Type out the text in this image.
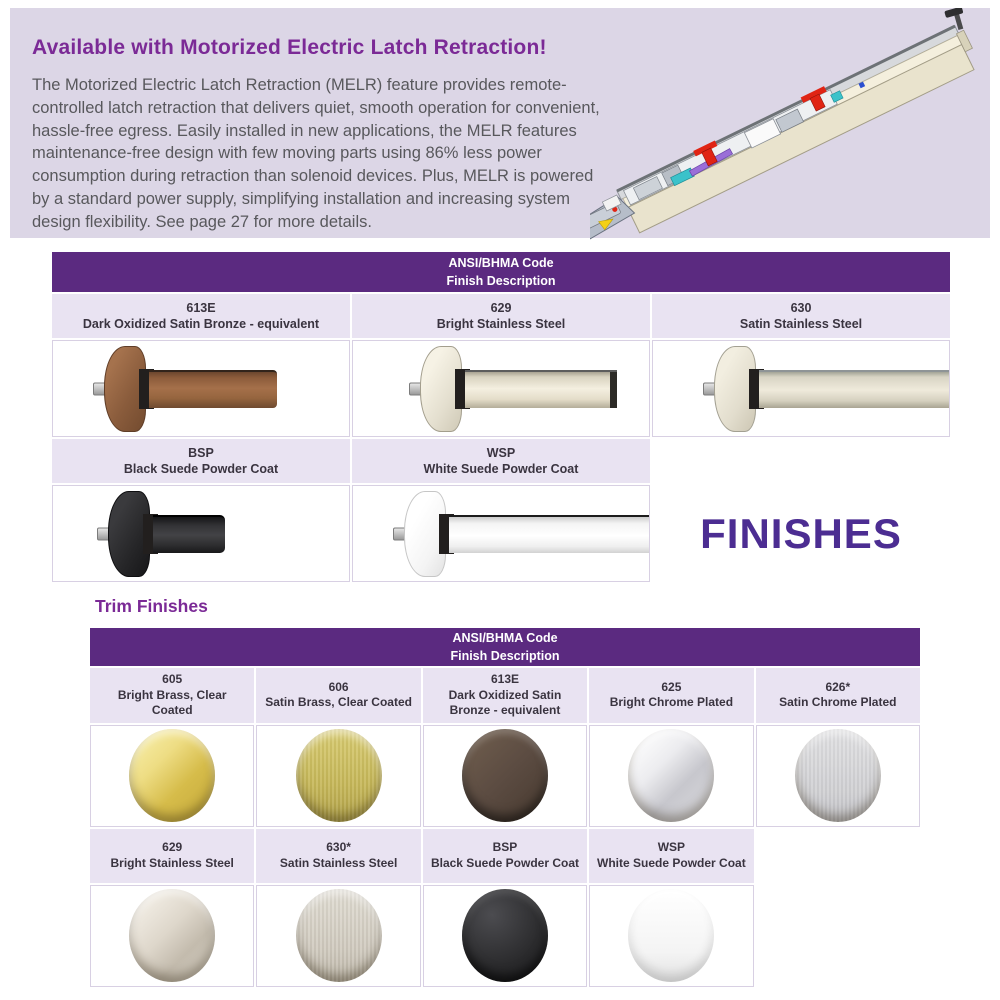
Available with Motorized Electric Latch Retraction!

The Motorized Electric Latch Retraction (MELR) feature provides remote-controlled latch retraction that delivers quiet, smooth operation for convenient, hassle-free egress. Easily installed in new applications, the MELR features maintenance-free design with few moving parts using 86% less power consumption during retraction than solenoid devices. Plus, MELR is powered by a standard power supply, simplifying installation and increasing system design flexibility. See page 27 for more details.

ANSI/BHMA Code
Finish Description
613E
Dark Oxidized Satin Bronze - equivalent
629
Bright Stainless Steel
630
Satin Stainless Steel
BSP
Black Suede Powder Coat
WSP
White Suede Powder Coat
FINISHES
Trim Finishes
ANSI/BHMA Code
Finish Description
605
Bright Brass, Clear Coated
606
Satin Brass, Clear Coated
613E
Dark Oxidized Satin Bronze - equivalent
625
Bright Chrome Plated
626*
Satin Chrome Plated
629
Bright Stainless Steel
630*
Satin Stainless Steel
BSP
Black Suede Powder Coat
WSP
White Suede Powder Coat
